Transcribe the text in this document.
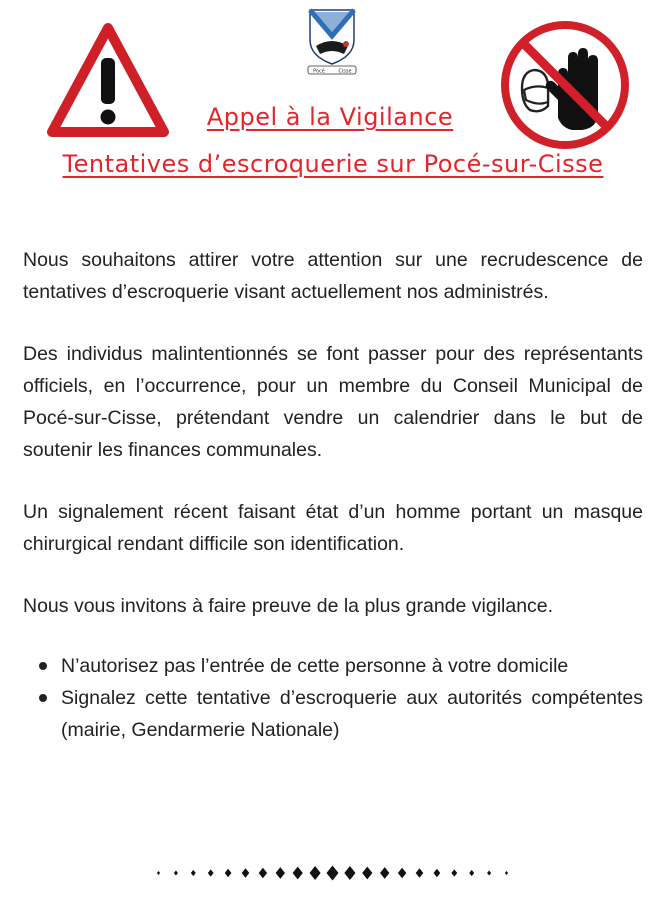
Pocé	Cisse
Appel à la Vigilance
Tentatives d’escroquerie sur Pocé-sur-Cisse

Nous souhaitons attirer votre attention sur une recrudescence de tentatives d’escroquerie visant actuellement nos administrés.

Des individus malintentionnés se font passer pour des représentants officiels, en l’occurrence, pour un membre du Conseil Municipal de Pocé-sur-Cisse, prétendant vendre un calendrier dans le but de soutenir les finances communales.

Un signalement récent faisant état d’un homme portant un masque chirurgical rendant difficile son identification.

Nous vous invitons à faire preuve de la plus grande vigilance.

N’autorisez pas l’entrée de cette personne à votre domicile
Signalez cette tentative d’escroquerie aux autorités compétentes (mairie, Gendarmerie Nationale)
